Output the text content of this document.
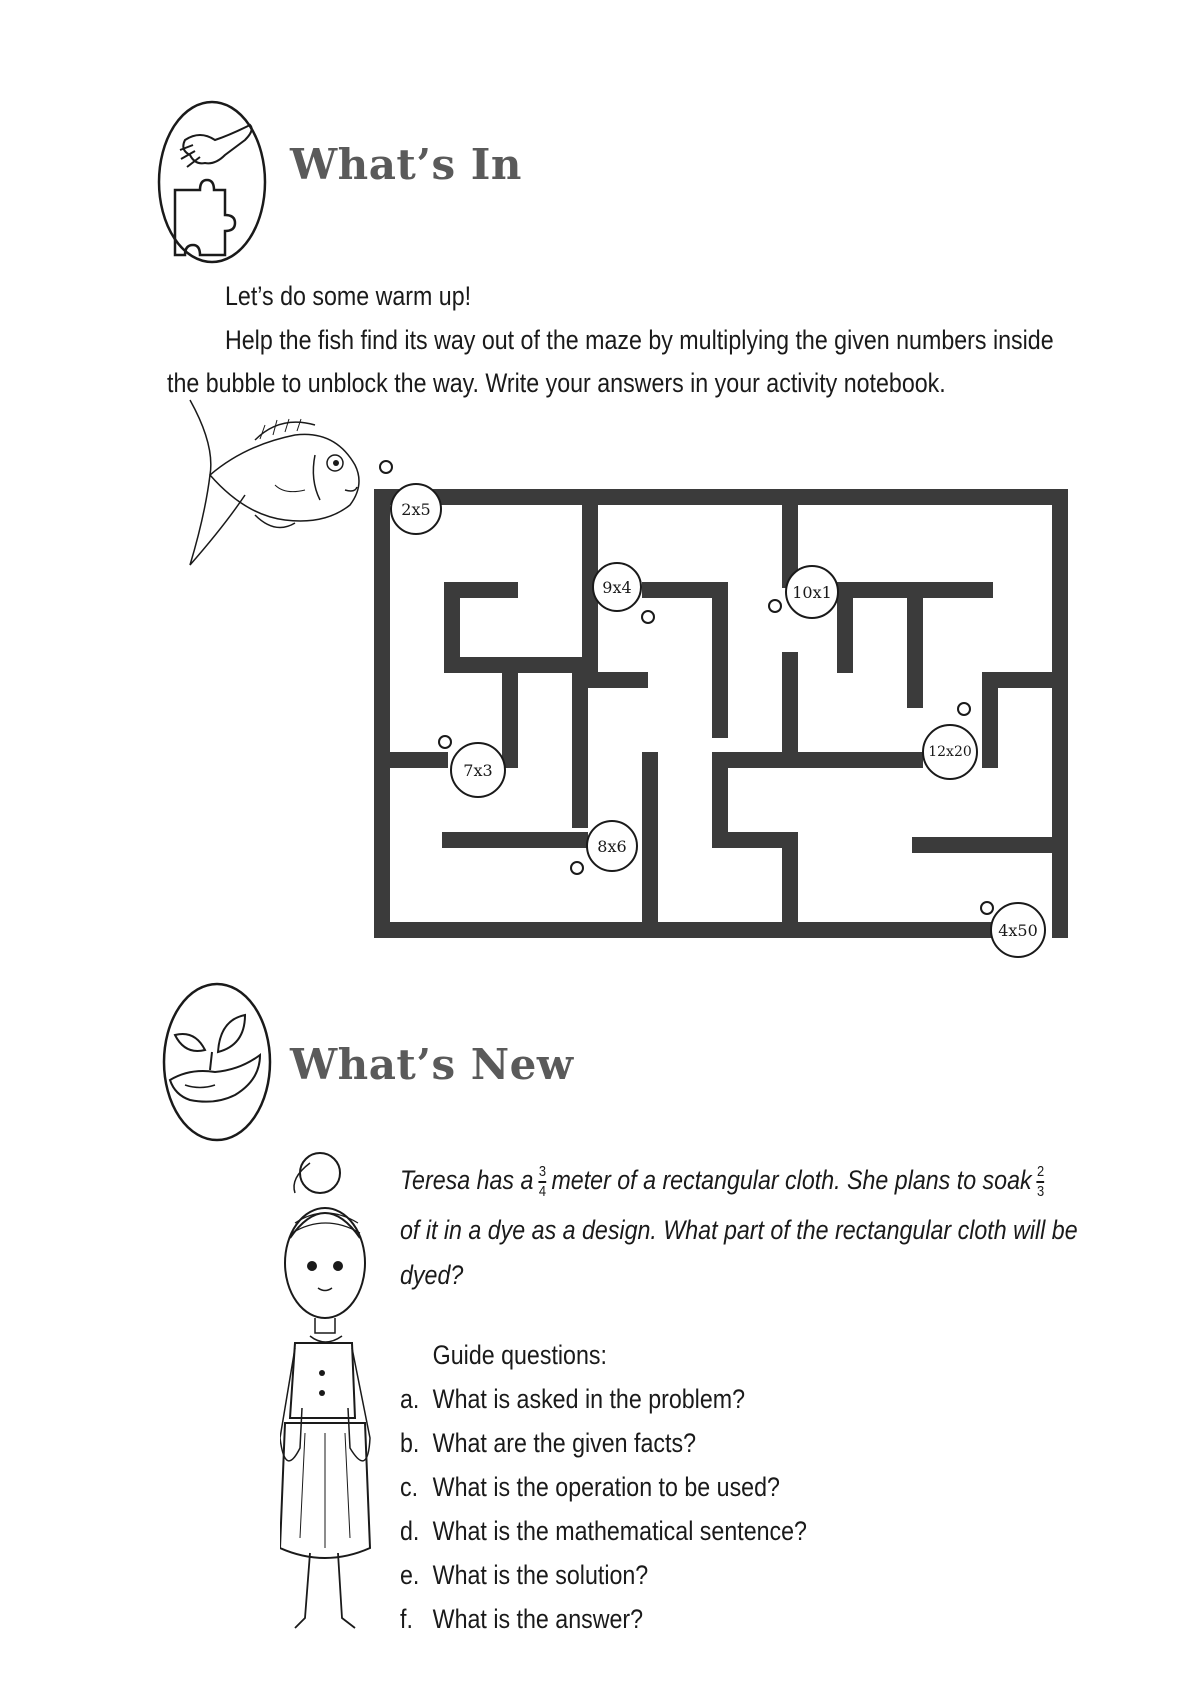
What’s In
Let’s do some warm up!
Help the fish find its way out of the maze by multiplying the given numbers inside
the bubble to unblock the way. Write your answers in your activity notebook.
2x5
9x4	10x1
7x3
12x20
8x6
4x50
What’s New
Teresa has a $\frac{3}{4}$ meter of a rectangular cloth. She plans to soak $\frac{2}{3}$
of it in a dye as a design. What part of the rectangular cloth will be
dyed?
Guide questions:
a. What is asked in the problem?
b. What are the given facts?
c. What is the operation to be used?
d. What is the mathematical sentence?
e. What is the solution?
f. What is the answer?
